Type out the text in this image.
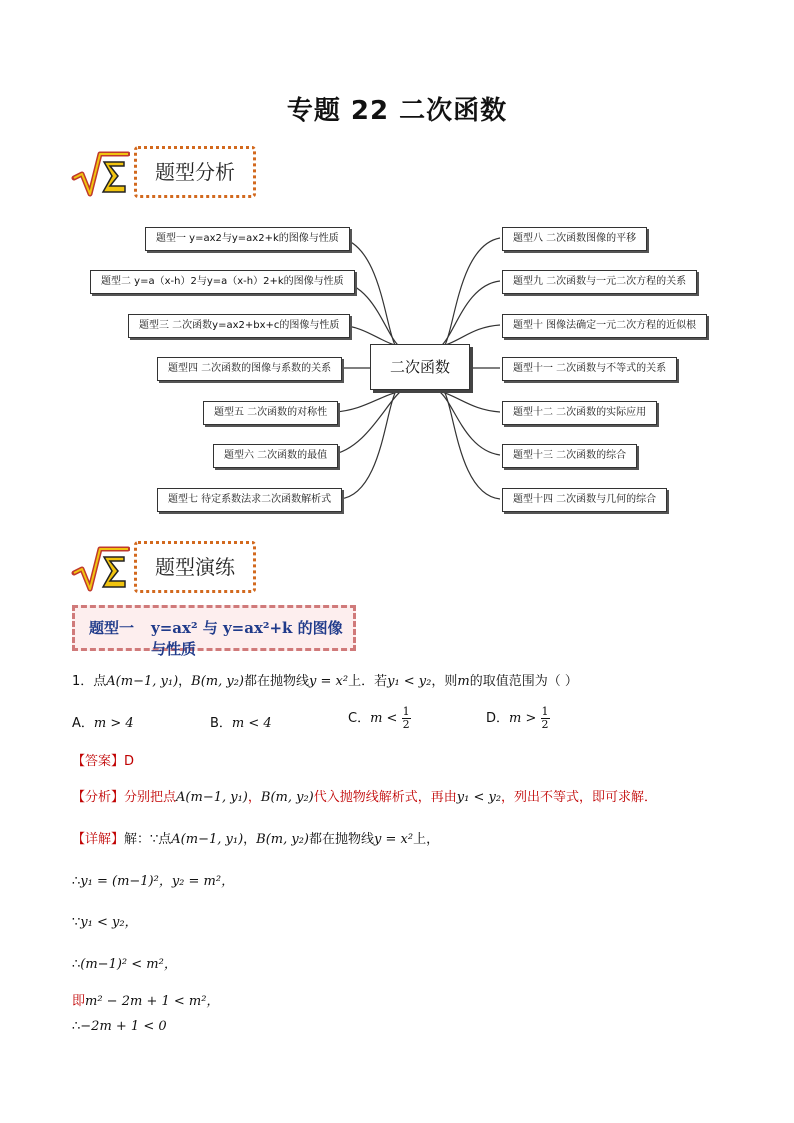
专题 22 二次函数
题型分析
二次函数
题型一 y=ax2与y=ax2+k的图像与性质
题型二 y=a（x-h）2与y=a（x-h）2+k的图像与性质
题型三 二次函数y=ax2+bx+c的图像与性质
题型四 二次函数的图像与系数的关系
题型五 二次函数的对称性
题型六 二次函数的最值
题型七 待定系数法求二次函数解析式
题型八 二次函数图像的平移
题型九 二次函数与一元二次方程的关系
题型十 图像法确定一元二次方程的近似根
题型十一 二次函数与不等式的关系
题型十二 二次函数的实际应用
题型十三 二次函数的综合
题型十四 二次函数与几何的综合
题型演练
题型一 y=ax² 与 y=ax²+k 的图像与性质
1．点A(m−1, y₁)，B(m, y₂)都在抛物线y = x²上．若y₁ < y₂，则m的取值范围为（ ）
A．m > 4	B．m < 4	C．$m < \frac{1}{2}$	D．$m > \frac{1}{2}$
【答案】D
【分析】分别把点A(m−1, y₁)，B(m, y₂)代入抛物线解析式，再由y₁ < y₂，列出不等式，即可求解．
【详解】解：∵点A(m−1, y₁)，B(m, y₂)都在抛物线y = x²上，
∴y₁ = (m−1)²，y₂ = m²，
∵y₁ < y₂，
∴(m−1)² < m²，
即m² − 2m + 1 < m²，
∴−2m + 1 < 0
